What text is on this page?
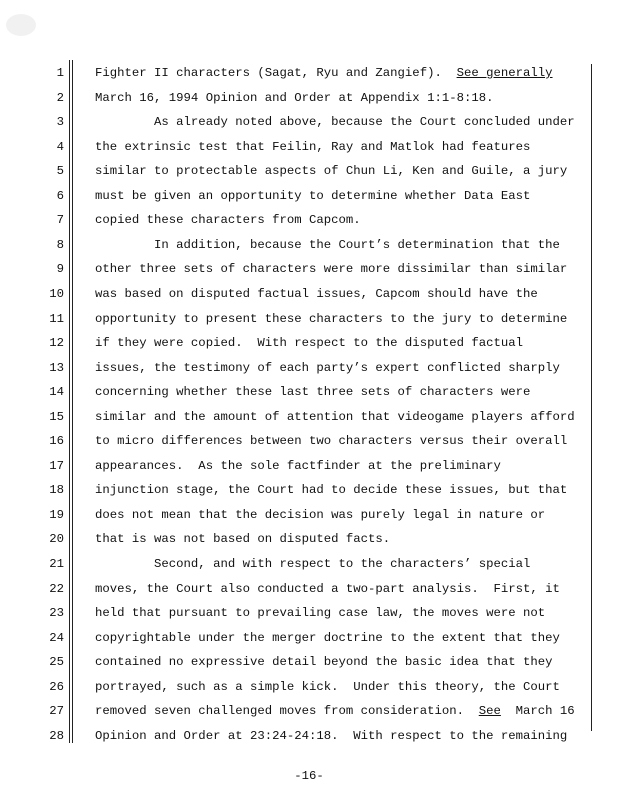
1	Fighter II characters (Sagat, Ryu and Zangief).  See generally
2	March 16, 1994 Opinion and Order at Appendix 1:1-8:18.
3	As already noted above, because the Court concluded under
4	the extrinsic test that Feilin, Ray and Matlok had features
5	similar to protectable aspects of Chun Li, Ken and Guile, a jury
6	must be given an opportunity to determine whether Data East
7	copied these characters from Capcom.
8	In addition, because the Court’s determination that the
9	other three sets of characters were more dissimilar than similar
10	was based on disputed factual issues, Capcom should have the
11	opportunity to present these characters to the jury to determine
12	if they were copied.  With respect to the disputed factual
13	issues, the testimony of each party’s expert conflicted sharply
14	concerning whether these last three sets of characters were
15	similar and the amount of attention that videogame players afford
16	to micro differences between two characters versus their overall
17	appearances.  As the sole factfinder at the preliminary
18	injunction stage, the Court had to decide these issues, but that
19	does not mean that the decision was purely legal in nature or
20	that is was not based on disputed facts.
21	Second, and with respect to the characters’ special
22	moves, the Court also conducted a two-part analysis.  First, it
23	held that pursuant to prevailing case law, the moves were not
24	copyrightable under the merger doctrine to the extent that they
25	contained no expressive detail beyond the basic idea that they
26	portrayed, such as a simple kick.  Under this theory, the Court
27	removed seven challenged moves from consideration.  See  March 16
28	Opinion and Order at 23:24-24:18.  With respect to the remaining
-16-
